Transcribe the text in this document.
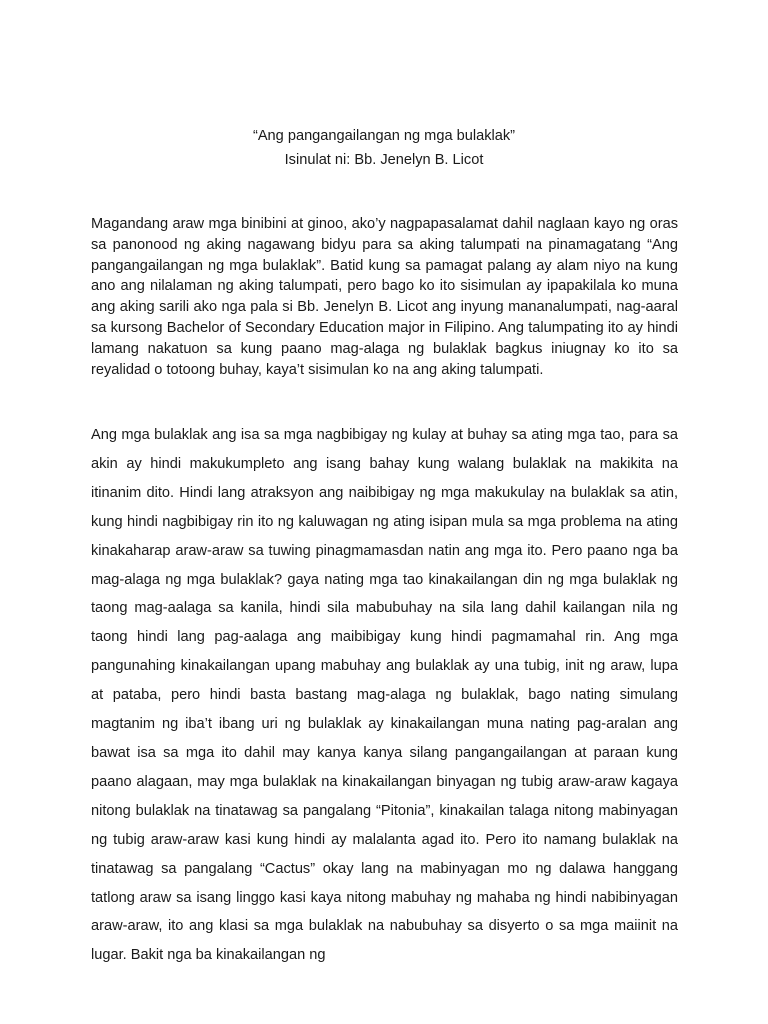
“Ang pangangailangan ng mga bulaklak”
Isinulat ni: Bb. Jenelyn B. Licot

Magandang araw mga binibini at ginoo, ako’y nagpapasalamat dahil naglaan kayo ng oras sa panonood ng aking nagawang bidyu para sa aking talumpati na pinamagatang “Ang pangangailangan ng mga bulaklak”. Batid kung sa pamagat palang ay alam niyo na kung ano ang nilalaman ng aking talumpati, pero bago ko ito sisimulan ay ipapakilala ko muna ang aking sarili ako nga pala si Bb. Jenelyn B. Licot ang inyung mananalumpati, nag-aaral sa kursong Bachelor of Secondary Education major in Filipino. Ang talumpating ito ay hindi lamang nakatuon sa kung paano mag-alaga ng bulaklak bagkus iniugnay ko ito sa reyalidad o totoong buhay, kaya’t sisimulan ko na ang aking talumpati.

Ang mga bulaklak ang isa sa mga nagbibigay ng kulay at buhay sa ating mga tao, para sa akin ay hindi makukumpleto ang isang bahay kung walang bulaklak na makikita na itinanim dito. Hindi lang atraksyon ang naibibigay ng mga makukulay na bulaklak sa atin, kung hindi nagbibigay rin ito ng kaluwagan ng ating isipan mula sa mga problema na ating kinakaharap araw-araw sa tuwing pinagmamasdan natin ang mga ito. Pero paano nga ba mag-alaga ng mga bulaklak? gaya nating mga tao kinakailangan din ng mga bulaklak ng taong mag-aalaga sa kanila, hindi sila mabubuhay na sila lang dahil kailangan nila ng taong hindi lang pag-aalaga ang maibibigay kung hindi pagmamahal rin. Ang mga pangunahing kinakailangan upang mabuhay ang bulaklak ay una tubig, init ng araw, lupa at pataba, pero hindi basta bastang mag-alaga ng bulaklak, bago nating simulang magtanim ng iba’t ibang uri ng bulaklak ay kinakailangan muna nating pag-aralan ang bawat isa sa mga ito dahil may kanya kanya silang pangangailangan at paraan kung paano alagaan, may mga bulaklak na kinakailangan binyagan ng tubig araw-araw kagaya nitong bulaklak na tinatawag sa pangalang “Pitonia”, kinakailan talaga nitong mabinyagan ng tubig araw-araw kasi kung hindi ay malalanta agad ito. Pero ito namang bulaklak na tinatawag sa pangalang “Cactus” okay lang na mabinyagan mo ng dalawa hanggang tatlong araw sa isang linggo kasi kaya nitong mabuhay ng mahaba ng hindi nabibinyagan araw-araw, ito ang klasi sa mga bulaklak na nabubuhay sa disyerto o sa mga maiinit na lugar. Bakit nga ba kinakailangan ng
